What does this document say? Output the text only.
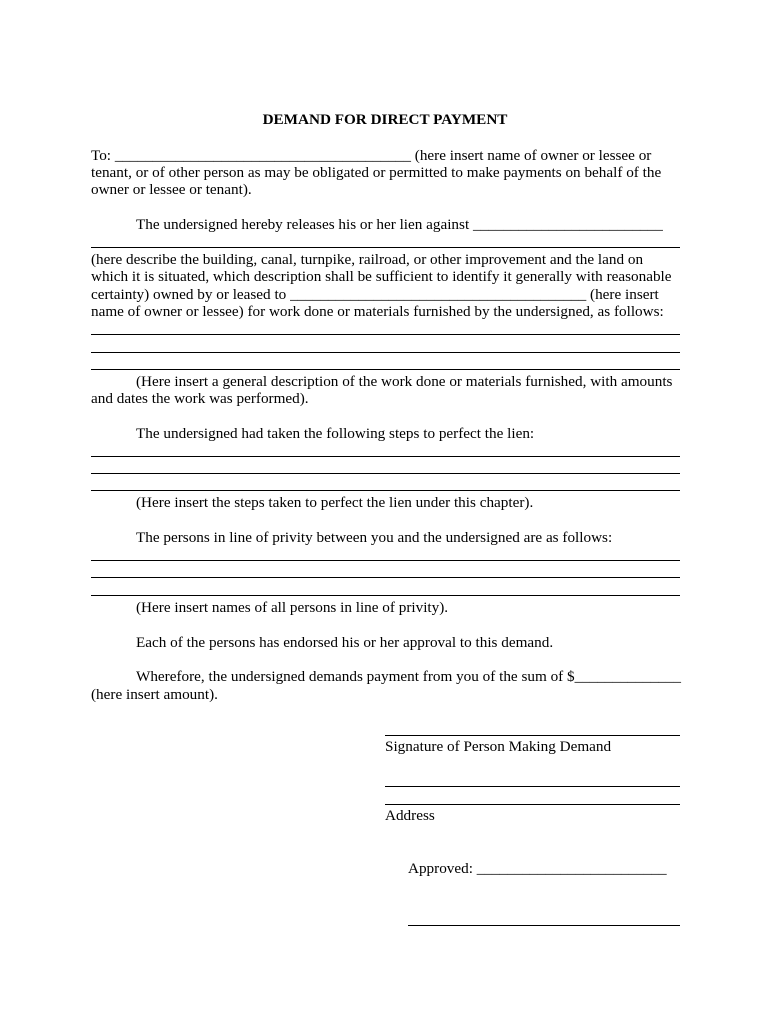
DEMAND FOR DIRECT PAYMENT
To: _______________________________________ (here insert name of owner or lessee or
tenant, or of other person as may be obligated or permitted to make payments on behalf of the
owner or lessee or tenant).
The undersigned hereby releases his or her lien against _________________________
(here describe the building, canal, turnpike, railroad, or other improvement and the land on
which it is situated, which description shall be sufficient to identify it generally with reasonable
certainty) owned by or leased to _______________________________________ (here insert
name of owner or lessee) for work done or materials furnished by the undersigned, as follows:
(Here insert a general description of the work done or materials furnished, with amounts
and dates the work was performed).
The undersigned had taken the following steps to perfect the lien:
(Here insert the steps taken to perfect the lien under this chapter).
The persons in line of privity between you and the undersigned are as follows:
(Here insert names of all persons in line of privity).
Each of the persons has endorsed his or her approval to this demand.
Wherefore, the undersigned demands payment from you of the sum of $______________
(here insert amount).
Signature of Person Making Demand
Address
Approved: _________________________
